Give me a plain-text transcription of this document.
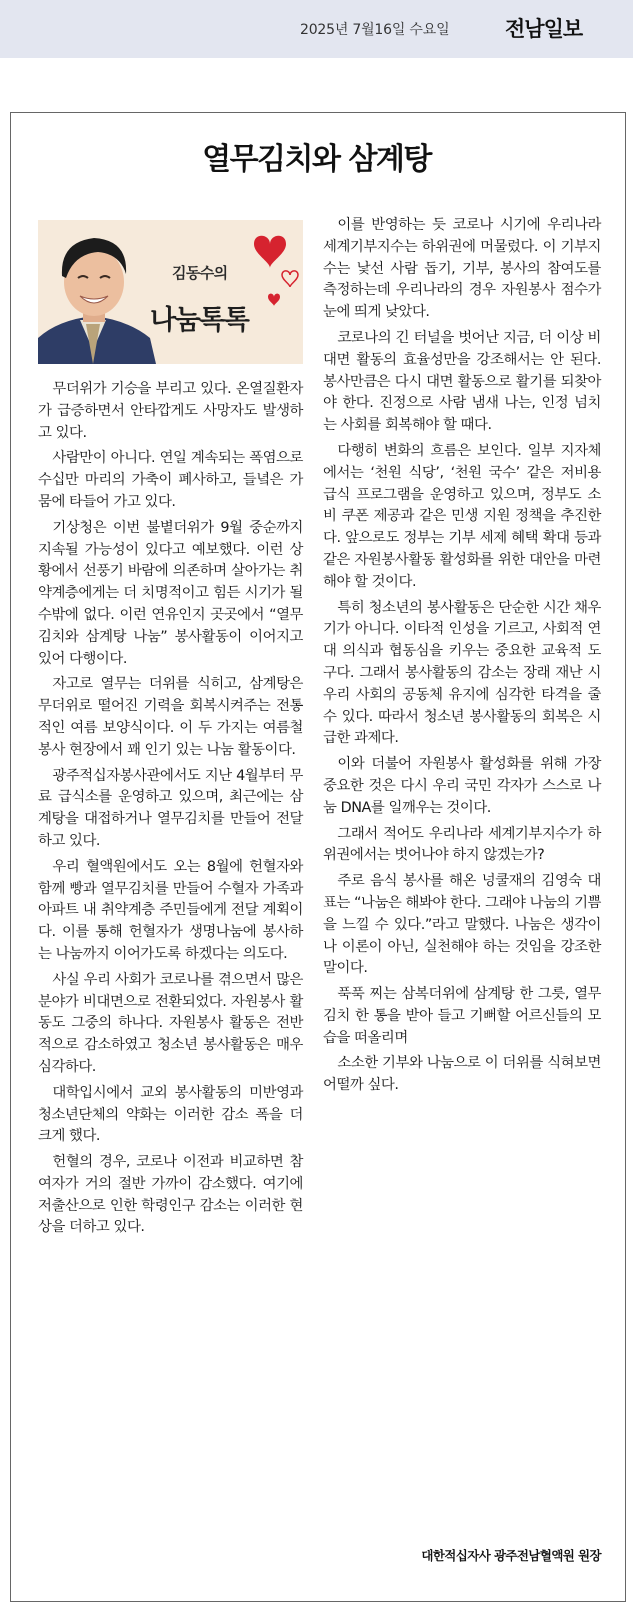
2025년 7월16일 수요일	전남일보
열무김치와 삼계탕
김동수의
나눔톡톡

무더위가 기승을 부리고 있다. 온열질환자가 급증하면서 안타깝게도 사망자도 발생하고 있다.

사람만이 아니다. 연일 계속되는 폭염으로 수십만 마리의 가축이 폐사하고, 들녘은 가뭄에 타들어 가고 있다.

기상청은 이번 불볕더위가 9월 중순까지 지속될 가능성이 있다고 예보했다. 이런 상황에서 선풍기 바람에 의존하며 살아가는 취약계층에게는 더 치명적이고 힘든 시기가 될 수밖에 없다. 이런 연유인지 곳곳에서 “열무김치와 삼계탕 나눔” 봉사활동이 이어지고 있어 다행이다.

자고로 열무는 더위를 식히고, 삼계탕은 무더위로 떨어진 기력을 회복시켜주는 전통적인 여름 보양식이다. 이 두 가지는 여름철 봉사 현장에서 꽤 인기 있는 나눔 활동이다.

광주적십자봉사관에서도 지난 4월부터 무료 급식소를 운영하고 있으며, 최근에는 삼계탕을 대접하거나 열무김치를 만들어 전달하고 있다.

우리 혈액원에서도 오는 8월에 헌혈자와 함께 빵과 열무김치를 만들어 수혈자 가족과 아파트 내 취약계층 주민들에게 전달 계획이다. 이를 통해 헌혈자가 생명나눔에 봉사하는 나눔까지 이어가도록 하겠다는 의도다.

사실 우리 사회가 코로나를 겪으면서 많은 분야가 비대면으로 전환되었다. 자원봉사 활동도 그중의 하나다. 자원봉사 활동은 전반적으로 감소하였고 청소년 봉사활동은 매우 심각하다.

대학입시에서 교외 봉사활동의 미반영과 청소년단체의 약화는 이러한 감소 폭을 더 크게 했다.

헌혈의 경우, 코로나 이전과 비교하면 참여자가 거의 절반 가까이 감소했다. 여기에 저출산으로 인한 학령인구 감소는 이러한 현상을 더하고 있다.

이를 반영하는 듯 코로나 시기에 우리나라 세계기부지수는 하위권에 머물렀다. 이 기부지수는 낯선 사람 돕기, 기부, 봉사의 참여도를 측정하는데 우리나라의 경우 자원봉사 점수가 눈에 띄게 낮았다.

코로나의 긴 터널을 벗어난 지금, 더 이상 비대면 활동의 효율성만을 강조해서는 안 된다. 봉사만큼은 다시 대면 활동으로 활기를 되찾아야 한다. 진정으로 사람 냄새 나는, 인정 넘치는 사회를 회복해야 할 때다.

다행히 변화의 흐름은 보인다. 일부 지자체에서는 ‘천원 식당’, ‘천원 국수’ 같은 저비용 급식 프로그램을 운영하고 있으며, 정부도 소비 쿠폰 제공과 같은 민생 지원 정책을 추진한다. 앞으로도 정부는 기부 세제 혜택 확대 등과 같은 자원봉사활동 활성화를 위한 대안을 마련해야 할 것이다.

특히 청소년의 봉사활동은 단순한 시간 채우기가 아니다. 이타적 인성을 기르고, 사회적 연대 의식과 협동심을 키우는 중요한 교육적 도구다. 그래서 봉사활동의 감소는 장래 재난 시 우리 사회의 공동체 유지에 심각한 타격을 줄 수 있다. 따라서 청소년 봉사활동의 회복은 시급한 과제다.

이와 더불어 자원봉사 활성화를 위해 가장 중요한 것은 다시 우리 국민 각자가 스스로 나눔 DNA를 일깨우는 것이다.

그래서 적어도 우리나라 세계기부지수가 하위권에서는 벗어나야 하지 않겠는가?

주로 음식 봉사를 해온 넝쿨재의 김영숙 대표는 “나눔은 해봐야 한다. 그래야 나눔의 기쁨을 느낄 수 있다.”라고 말했다. 나눔은 생각이나 이론이 아닌, 실천해야 하는 것임을 강조한 말이다.

푹푹 찌는 삼복더위에 삼계탕 한 그릇, 열무김치 한 통을 받아 들고 기뻐할 어르신들의 모습을 떠올리며

소소한 기부와 나눔으로 이 더위를 식혀보면 어떨까 싶다.

대한적십자사 광주전남혈액원 원장
